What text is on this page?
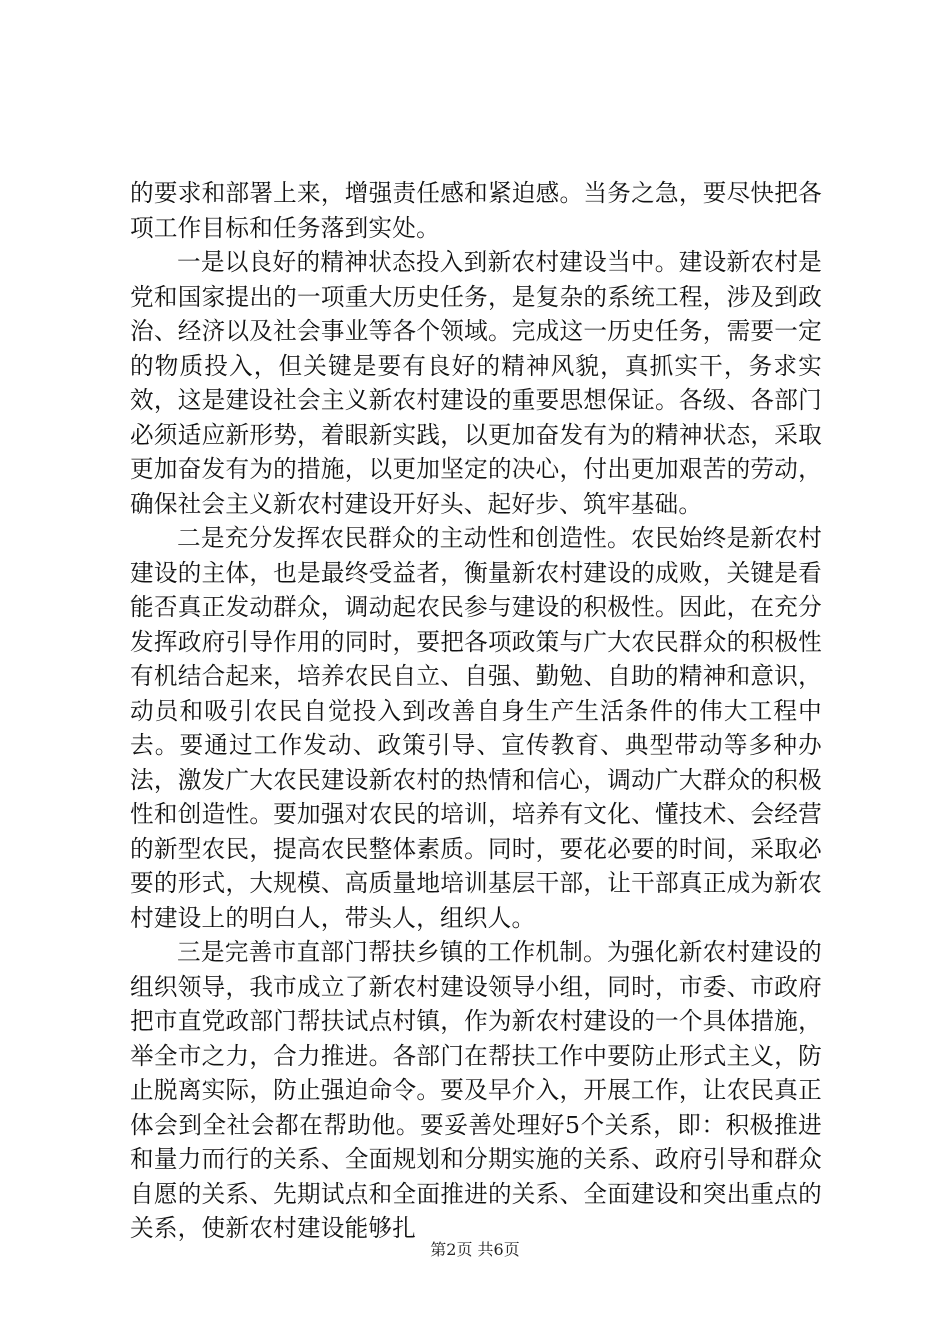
的要求和部署上来，增强责任感和紧迫感。当务之急，要尽快把各项工作目标和任务落到实处。

一是以良好的精神状态投入到新农村建设当中。建设新农村是党和国家提出的一项重大历史任务，是复杂的系统工程，涉及到政治、经济以及社会事业等各个领域。完成这一历史任务，需要一定的物质投入，但关键是要有良好的精神风貌，真抓实干，务求实效，这是建设社会主义新农村建设的重要思想保证。各级、各部门必须适应新形势，着眼新实践，以更加奋发有为的精神状态，采取更加奋发有为的措施，以更加坚定的决心，付出更加艰苦的劳动，确保社会主义新农村建设开好头、起好步、筑牢基础。

二是充分发挥农民群众的主动性和创造性。农民始终是新农村建设的主体，也是最终受益者，衡量新农村建设的成败，关键是看能否真正发动群众，调动起农民参与建设的积极性。因此，在充分发挥政府引导作用的同时，要把各项政策与广大农民群众的积极性有机结合起来，培养农民自立、自强、勤勉、自助的精神和意识，动员和吸引农民自觉投入到改善自身生产生活条件的伟大工程中去。要通过工作发动、政策引导、宣传教育、典型带动等多种办法，激发广大农民建设新农村的热情和信心，调动广大群众的积极性和创造性。要加强对农民的培训，培养有文化、懂技术、会经营的新型农民，提高农民整体素质。同时，要花必要的时间，采取必要的形式，大规模、高质量地培训基层干部，让干部真正成为新农村建设上的明白人，带头人，组织人。

三是完善市直部门帮扶乡镇的工作机制。为强化新农村建设的组织领导，我市成立了新农村建设领导小组，同时，市委、市政府把市直党政部门帮扶试点村镇，作为新农村建设的一个具体措施，举全市之力，合力推进。各部门在帮扶工作中要防止形式主义，防止脱离实际，防止强迫命令。要及早介入，开展工作，让农民真正体会到全社会都在帮助他。要妥善处理好5个关系，即：积极推进和量力而行的关系、全面规划和分期实施的关系、政府引导和群众自愿的关系、先期试点和全面推进的关系、全面建设和突出重点的关系，使新农村建设能够扎

第2页 共6页
